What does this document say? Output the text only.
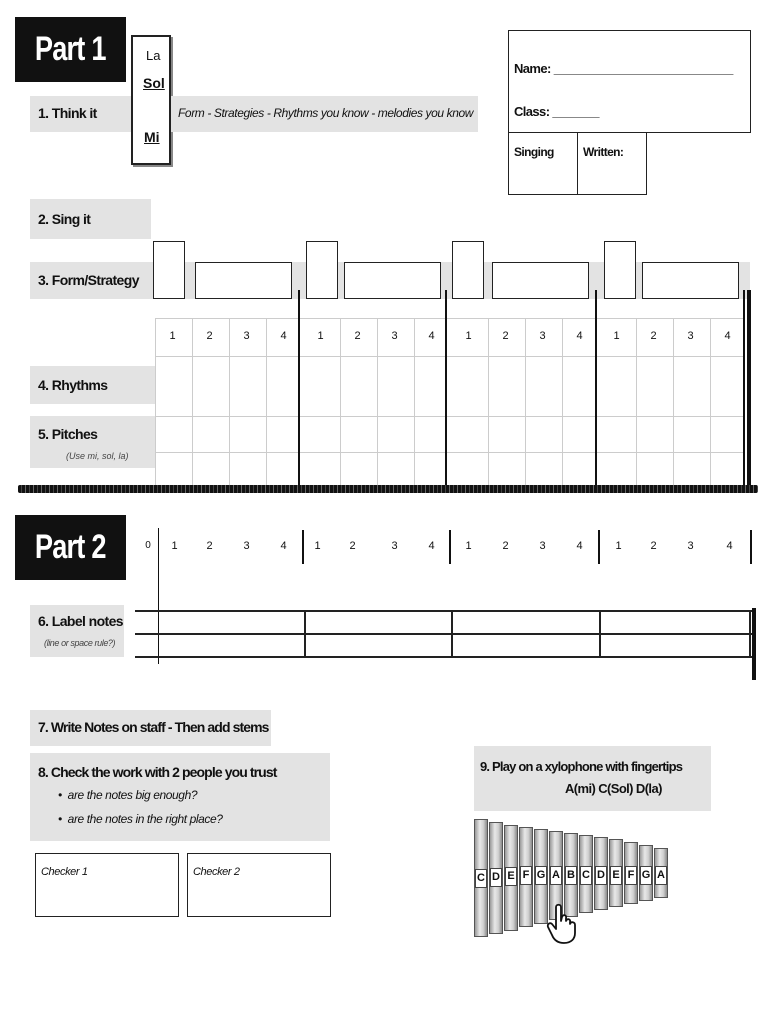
Part 1	La
Sol
Mi
1. Think it	Form - Strategies - Rhythms you know - melodies you know
Name: ___________________________
Class: _______
Singing Written:
2. Sing it
3. Form/Strategy
1	2	3	4	1	2	3	4	1	2	3	4	1	2	3	4
4. Rhythms
5. Pitches
(Use mi, sol, la)
Part 2	0	1	2	3	4	1	2	3	4	1	2	3	4	1	2	3	4
6. Label notes
(line or space rule?)
7. Write Notes on staff - Then add stems
8. Check the work with 2 people you trust
•  are the notes big enough?
•  are the notes in the right place?
Checker 1	Checker 2
9. Play on a xylophone with fingertips
A(mi) C(Sol) D(la)
C D E F G A B C D E F G A
